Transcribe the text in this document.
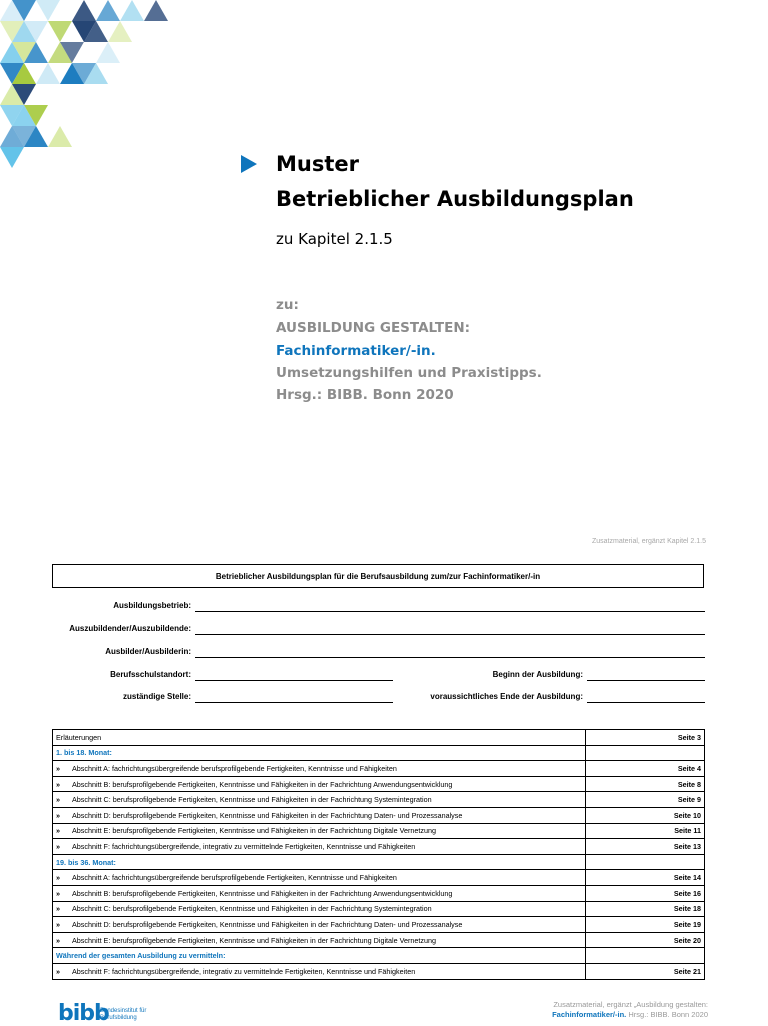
Muster
Betrieblicher Ausbildungsplan
zu Kapitel 2.1.5
zu:
AUSBILDUNG GESTALTEN:
Fachinformatiker/-in.
Umsetzungshilfen und Praxistipps.
Hrsg.: BIBB. Bonn 2020
Zusatzmaterial, ergänzt Kapitel 2.1.5
Betrieblicher Ausbildungsplan für die Berufsausbildung zum/zur Fachinformatiker/-in
Ausbildungsbetrieb:
Auszubildender/Auszubildende:
Ausbilder/Ausbilderin:
Berufsschulstandort:	Beginn der Ausbildung:
zuständige Stelle:	voraussichtliches Ende der Ausbildung:
Erläuterungen	Seite 3
1. bis 18. Monat:	
» Abschnitt A: fachrichtungsübergreifende berufsprofilgebende Fertigkeiten, Kenntnisse und Fähigkeiten	Seite 4
» Abschnitt B: berufsprofilgebende Fertigkeiten, Kenntnisse und Fähigkeiten in der Fachrichtung Anwendungsentwicklung	Seite 8
» Abschnitt C: berufsprofilgebende Fertigkeiten, Kenntnisse und Fähigkeiten in der Fachrichtung Systemintegration	Seite 9
» Abschnitt D: berufsprofilgebende Fertigkeiten, Kenntnisse und Fähigkeiten in der Fachrichtung Daten- und Prozessanalyse	Seite 10
» Abschnitt E: berufsprofilgebende Fertigkeiten, Kenntnisse und Fähigkeiten in der Fachrichtung Digitale Vernetzung	Seite 11
» Abschnitt F: fachrichtungsübergreifende, integrativ zu vermittelnde Fertigkeiten, Kenntnisse und Fähigkeiten	Seite 13
19. bis 36. Monat:	
» Abschnitt A: fachrichtungsübergreifende berufsprofilgebende Fertigkeiten, Kenntnisse und Fähigkeiten	Seite 14
» Abschnitt B: berufsprofilgebende Fertigkeiten, Kenntnisse und Fähigkeiten in der Fachrichtung Anwendungsentwicklung	Seite 16
» Abschnitt C: berufsprofilgebende Fertigkeiten, Kenntnisse und Fähigkeiten in der Fachrichtung Systemintegration	Seite 18
» Abschnitt D: berufsprofilgebende Fertigkeiten, Kenntnisse und Fähigkeiten in der Fachrichtung Daten- und Prozessanalyse	Seite 19
» Abschnitt E: berufsprofilgebende Fertigkeiten, Kenntnisse und Fähigkeiten in der Fachrichtung Digitale Vernetzung	Seite 20
Während der gesamten Ausbildung zu vermitteln:	
» Abschnitt F: fachrichtungsübergreifende, integrativ zu vermittelnde Fertigkeiten, Kenntnisse und Fähigkeiten	Seite 21
bibb
Bundesinstitut für Berufsbildung
Zusatzmaterial, ergänzt „Ausbildung gestalten:
Fachinformatiker/-in. Hrsg.: BIBB. Bonn 2020
